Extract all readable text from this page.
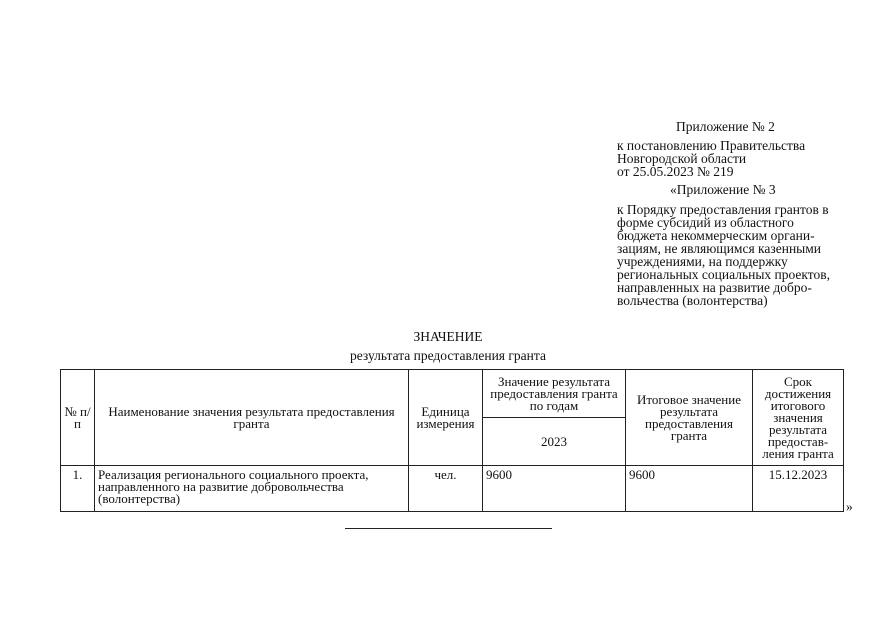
Приложение № 2
к постановлению Правительства
Новгородской области
от 25.05.2023 № 219
«Приложение № 3
к Порядку предоставления грантов в
форме субсидий из областного
бюджета некоммерческим органи-
зациям, не являющимся казенными
учреждениями, на поддержку
региональных социальных проектов,
направленных на развитие добро-
вольчества (волонтерства)
ЗНАЧЕНИЕ
результата предоставления гранта
№ п/п	Наименование значения результата предоставления гранта	Единица измерения	Значение результата предоставления гранта по годам	Итоговое значение результата предоставления гранта	Срок достижения итогового значения результата предостав-ления гранта
			2023		
1.	Реализация регионального социального проекта, направленного на развитие добровольчества (волонтерства)	чел.	9600	9600	15.12.2023
»
